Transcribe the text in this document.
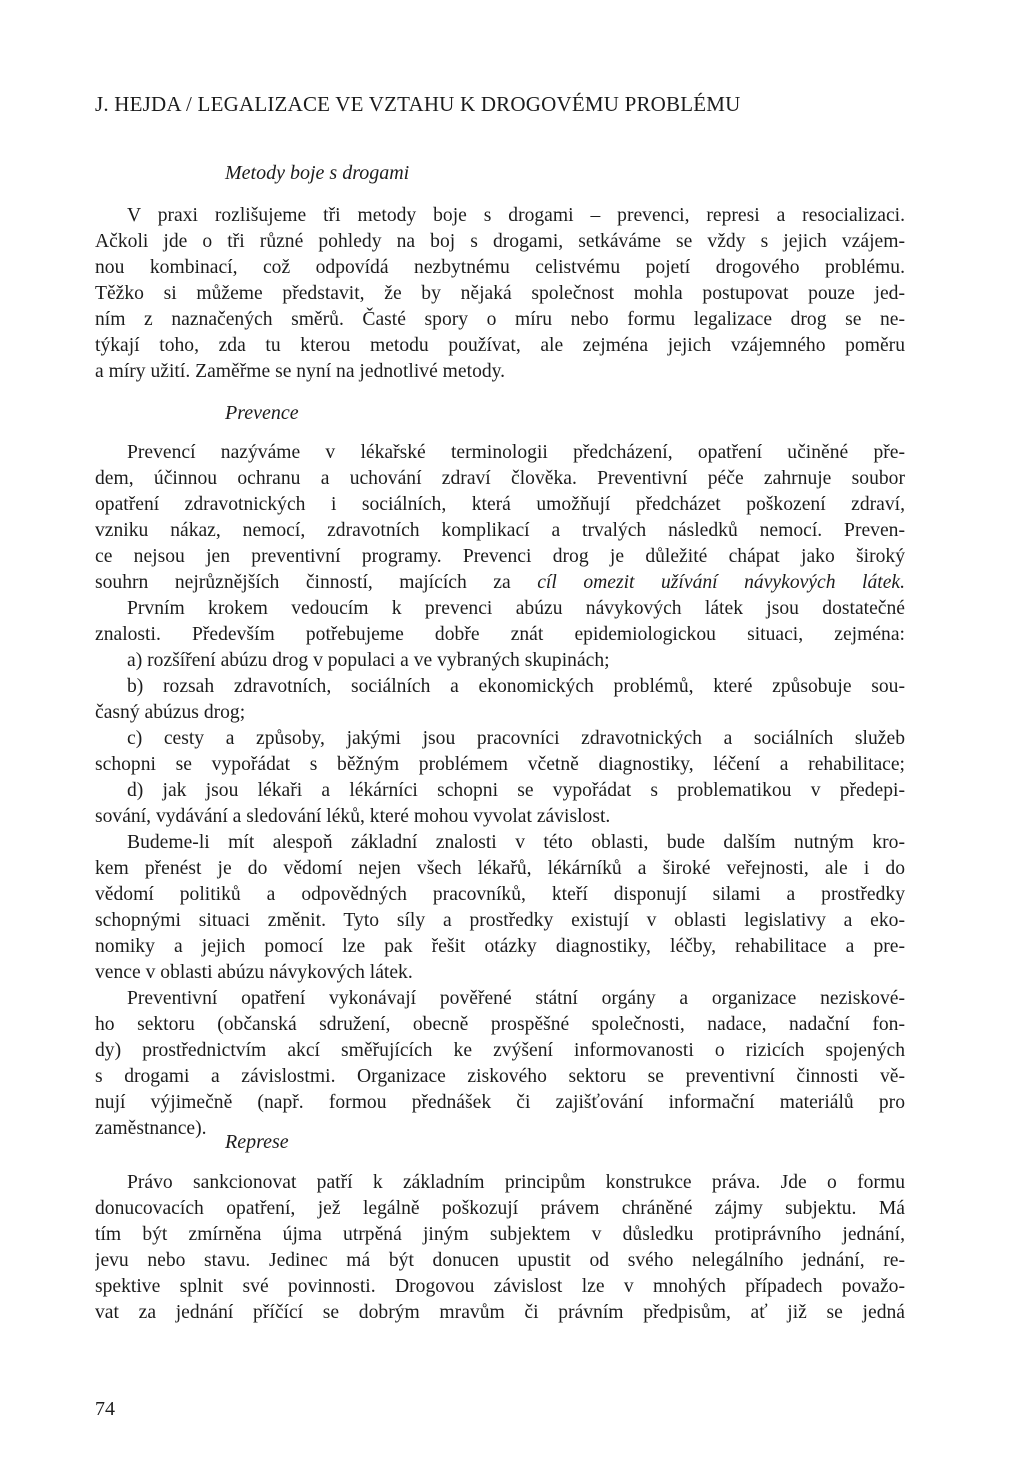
J. HEJDA / LEGALIZACE VE VZTAHU K DROGOVÉMU PROBLÉMU
Metody boje s drogami
V praxi rozlišujeme tři metody boje s drogami – prevenci, represi a resocializaci.
Ačkoli jde o tři různé pohledy na boj s drogami, setkáváme se vždy s jejich vzájem-
nou kombinací, což odpovídá nezbytnému celistvému pojetí drogového problému.
Těžko si můžeme představit, že by nějaká společnost mohla postupovat pouze jed-
ním z naznačených směrů. Časté spory o míru nebo formu legalizace drog se ne-
týkají toho, zda tu kterou metodu používat, ale zejména jejich vzájemného poměru
a míry užití. Zaměřme se nyní na jednotlivé metody.
Prevence
Prevencí nazýváme v lékařské terminologii předcházení, opatření učiněné pře-
dem, účinnou ochranu a uchování zdraví člověka. Preventivní péče zahrnuje soubor
opatření zdravotnických i sociálních, která umožňují předcházet poškození zdraví,
vzniku nákaz, nemocí, zdravotních komplikací a trvalých následků nemocí. Preven-
ce nejsou jen preventivní programy. Prevenci drog je důležité chápat jako široký
souhrn nejrůznějších činností, majících za cíl omezit užívání návykových látek.
Prvním krokem vedoucím k prevenci abúzu návykových látek jsou dostatečné
znalosti. Především potřebujeme dobře znát epidemiologickou situaci, zejména:
a) rozšíření abúzu drog v populaci a ve vybraných skupinách;
b) rozsah zdravotních, sociálních a ekonomických problémů, které způsobuje sou-
časný abúzus drog;
c) cesty a způsoby, jakými jsou pracovníci zdravotnických a sociálních služeb
schopni se vypořádat s běžným problémem včetně diagnostiky, léčení a rehabilitace;
d) jak jsou lékaři a lékárníci schopni se vypořádat s problematikou v předepi-
sování, vydávání a sledování léků, které mohou vyvolat závislost.
Budeme-li mít alespoň základní znalosti v této oblasti, bude dalším nutným kro-
kem přenést je do vědomí nejen všech lékařů, lékárníků a široké veřejnosti, ale i do
vědomí politiků a odpovědných pracovníků, kteří disponují silami a prostředky
schopnými situaci změnit. Tyto síly a prostředky existují v oblasti legislativy a eko-
nomiky a jejich pomocí lze pak řešit otázky diagnostiky, léčby, rehabilitace a pre-
vence v oblasti abúzu návykových látek.
Preventivní opatření vykonávají pověřené státní orgány a organizace neziskové-
ho sektoru (občanská sdružení, obecně prospěšné společnosti, nadace, nadační fon-
dy) prostřednictvím akcí směřujících ke zvýšení informovanosti o rizicích spojených
s drogami a závislostmi. Organizace ziskového sektoru se preventivní činnosti vě-
nují výjimečně (např. formou přednášek či zajišťování informační materiálů pro
zaměstnance).
Represe
Právo sankcionovat patří k základním principům konstrukce práva. Jde o formu
donucovacích opatření, jež legálně poškozují právem chráněné zájmy subjektu. Má
tím být zmírněna újma utrpěná jiným subjektem v důsledku protiprávního jednání,
jevu nebo stavu. Jedinec má být donucen upustit od svého nelegálního jednání, re-
spektive splnit své povinnosti. Drogovou závislost lze v mnohých případech považo-
vat za jednání příčící se dobrým mravům či právním předpisům, ať již se jedná
74
